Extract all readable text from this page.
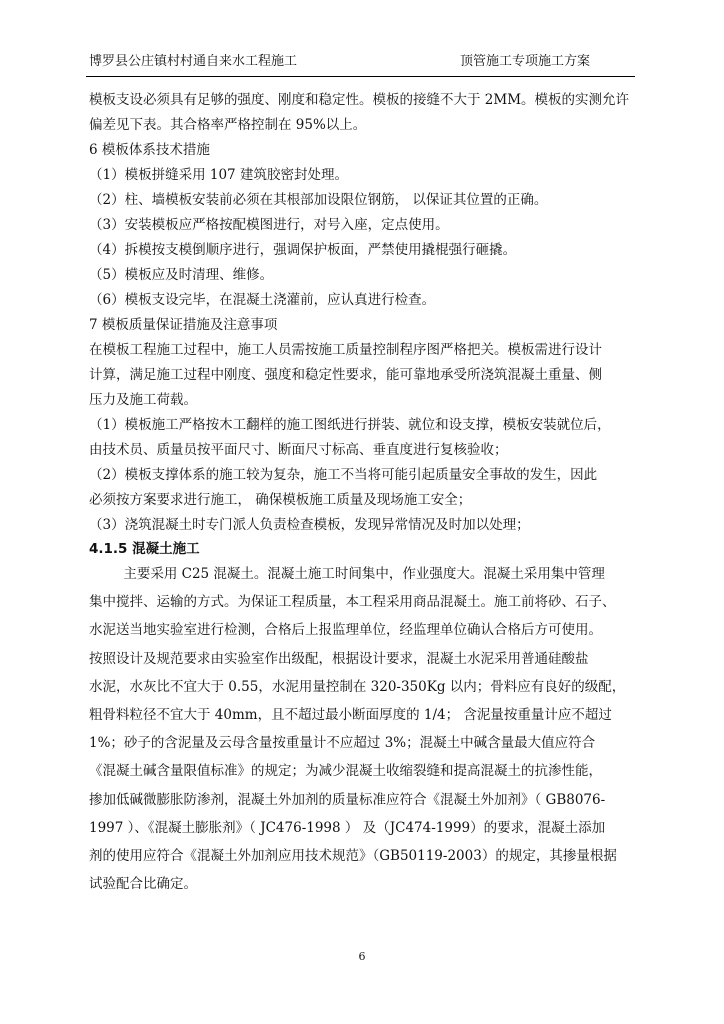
博罗县公庄镇村村通自来水工程施工	顶管施工专项施工方案
模板支设必须具有足够的强度、刚度和稳定性。模板的接缝不大于 2MM。模板的实测允许
偏差见下表。其合格率严格控制在 95%以上。
6 模板体系技术措施
（1）模板拼缝采用 107 建筑胶密封处理。
（2）柱、墙模板安装前必须在其根部加设限位钢筋， 以保证其位置的正确。
（3）安装模板应严格按配模图进行，对号入座，定点使用。
（4）拆模按支模倒顺序进行，强调保护板面，严禁使用撬棍强行砸撬。
（5）模板应及时清理、维修。
（6）模板支设完毕，在混凝土浇灌前，应认真进行检查。
7 模板质量保证措施及注意事项
在模板工程施工过程中，施工人员需按施工质量控制程序图严格把关。模板需进行设计
计算，满足施工过程中刚度、强度和稳定性要求，能可靠地承受所浇筑混凝土重量、侧
压力及施工荷载。
（1）模板施工严格按木工翻样的施工图纸进行拼装、就位和设支撑，模板安装就位后，
由技术员、质量员按平面尺寸、断面尺寸标高、垂直度进行复核验收；
（2）模板支撑体系的施工较为复杂，施工不当将可能引起质量安全事故的发生，因此
必须按方案要求进行施工， 确保模板施工质量及现场施工安全；
（3）浇筑混凝土时专门派人负责检查模板，发现异常情况及时加以处理；
4.1.5 混凝土施工
主要采用 C25 混凝土。混凝土施工时间集中，作业强度大。混凝土采用集中管理
集中搅拌、运输的方式。为保证工程质量，本工程采用商品混凝土。施工前将砂、石子、
水泥送当地实验室进行检测，合格后上报监理单位，经监理单位确认合格后方可使用。
按照设计及规范要求由实验室作出级配，根据设计要求，混凝土水泥采用普通硅酸盐
水泥，水灰比不宜大于 0.55，水泥用量控制在 320-350Kg 以内；骨料应有良好的级配，
粗骨料粒径不宜大于 40mm，且不超过最小断面厚度的 1/4； 含泥量按重量计应不超过
1%；砂子的含泥量及云母含量按重量计不应超过 3%；混凝土中碱含量最大值应符合
《混凝土碱含量限值标准》的规定；为减少混凝土收缩裂缝和提高混凝土的抗渗性能，
掺加低碱微膨胀防渗剂，混凝土外加剂的质量标准应符合《混凝土外加剂》（ GB8076-
1997 ）、《混凝土膨胀剂》（ JC476-1998 ） 及（JC474-1999）的要求，混凝土添加
剂的使用应符合《混凝土外加剂应用技术规范》（GB50119-2003）的规定，其掺量根据
试验配合比确定。
6
